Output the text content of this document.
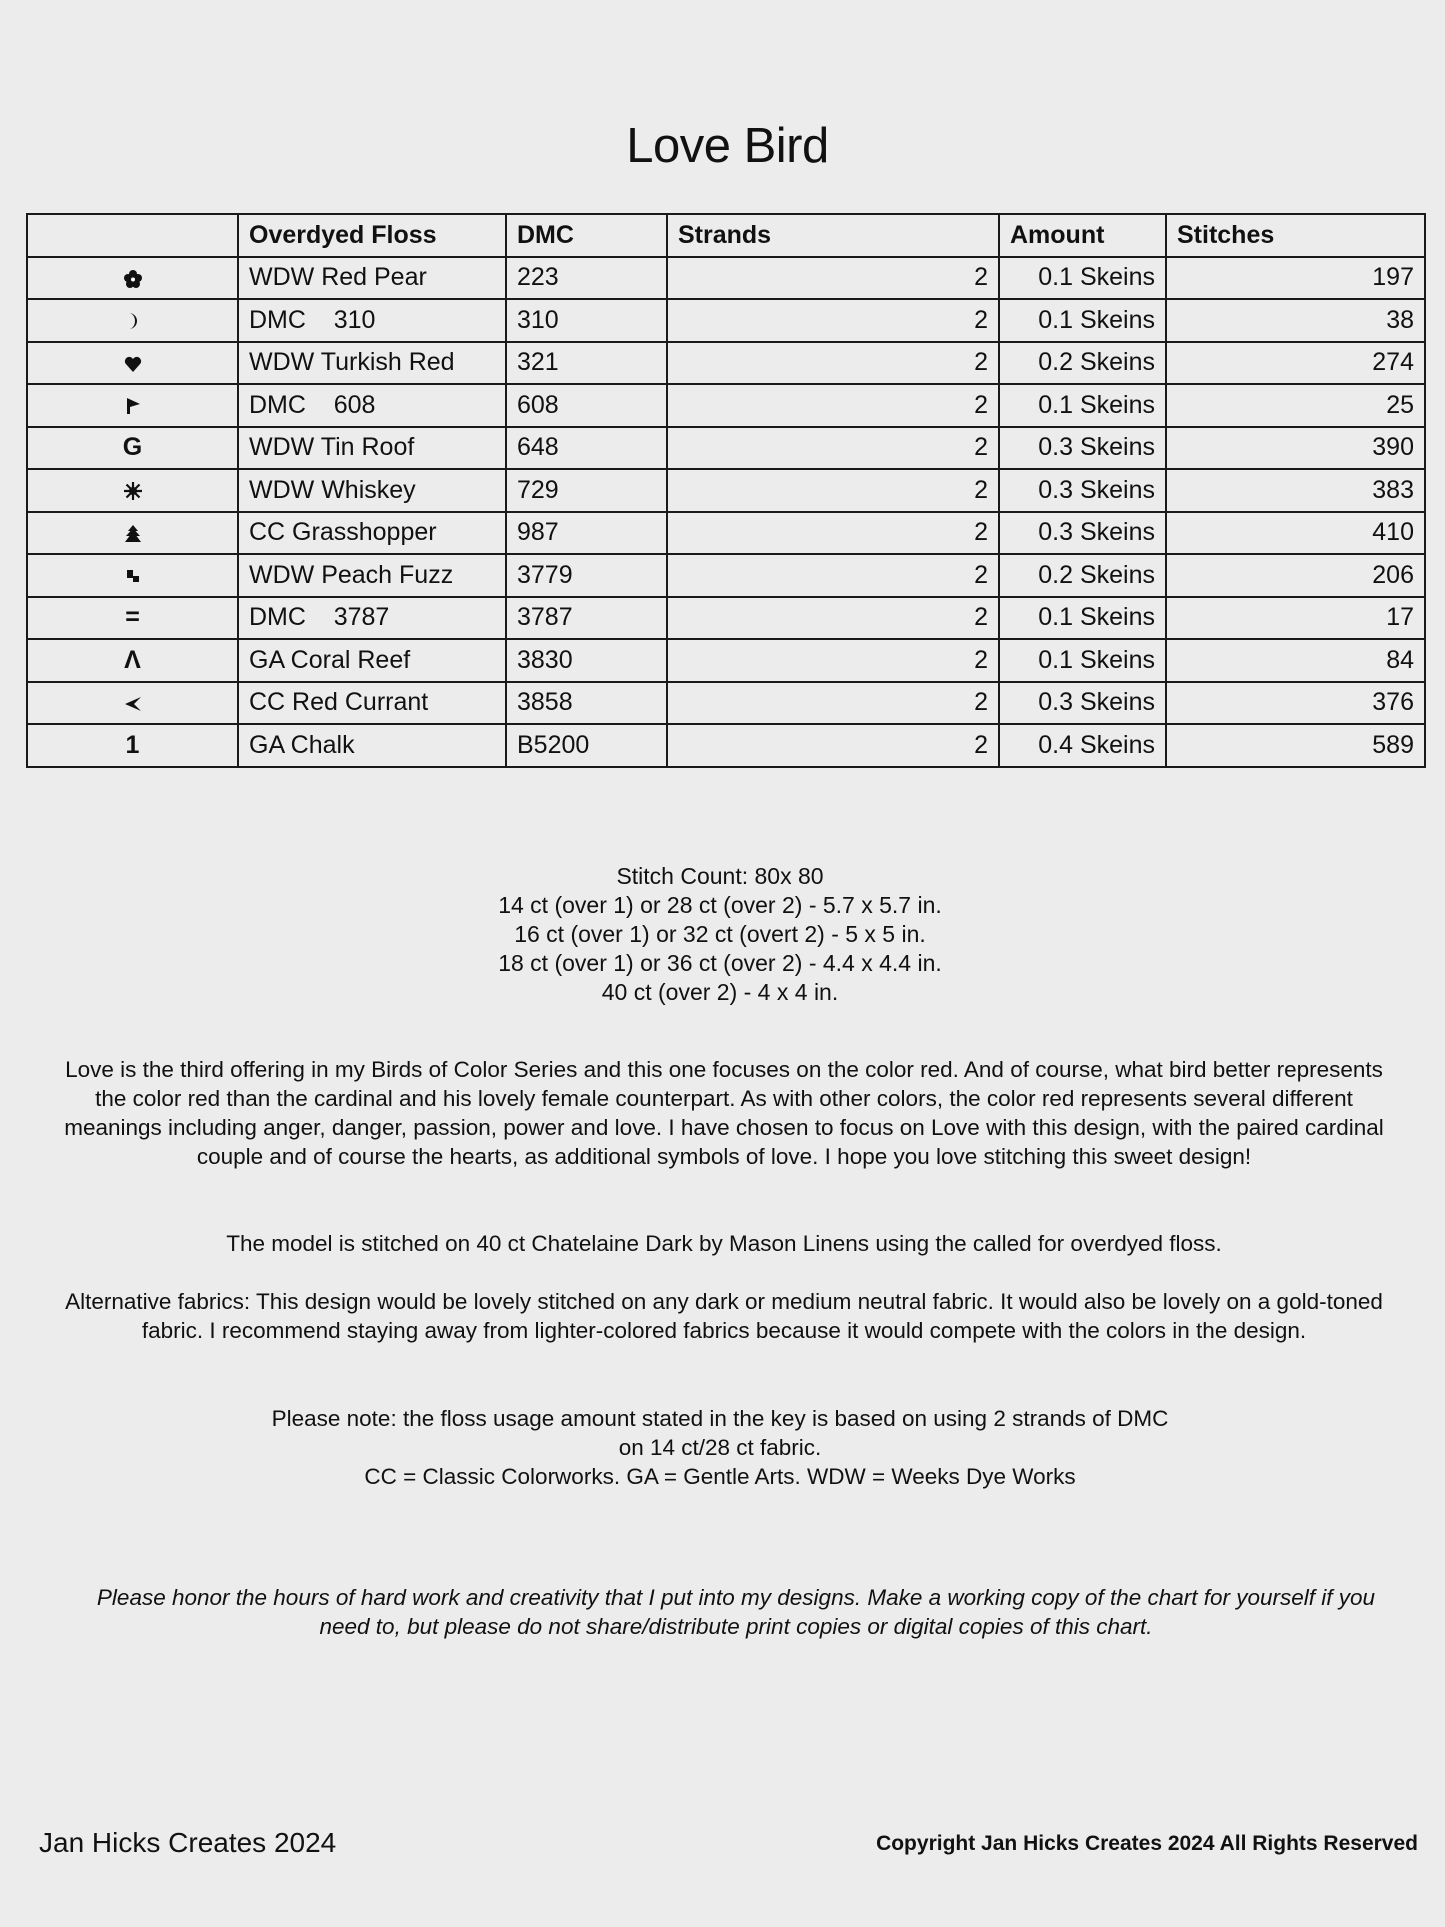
Love Bird
	Overdyed Floss	DMC	Strands	Amount	Stitches
	WDW Red Pear	223	2	0.1 Skeins	197
	DMC    310	310	2	0.1 Skeins	38
	WDW Turkish Red	321	2	0.2 Skeins	274
	DMC    608	608	2	0.1 Skeins	25
G	WDW Tin Roof	648	2	0.3 Skeins	390
	WDW Whiskey	729	2	0.3 Skeins	383
	CC Grasshopper	987	2	0.3 Skeins	410
	WDW Peach Fuzz	3779	2	0.2 Skeins	206
=	DMC    3787	3787	2	0.1 Skeins	17
Λ	GA Coral Reef	3830	2	0.1 Skeins	84
	CC Red Currant	3858	2	0.3 Skeins	376
1	GA Chalk	B5200	2	0.4 Skeins	589
Stitch Count: 80x 80
14 ct (over 1) or 28 ct (over 2) - 5.7 x 5.7 in.
16 ct (over 1) or 32 ct (overt 2) - 5 x 5 in.
18 ct (over 1) or 36 ct (over 2) - 4.4 x 4.4 in.
40 ct (over 2) - 4 x 4 in.

Love is the third offering in my Birds of Color Series and this one focuses on the color red. And of course, what bird better represents the color red than the cardinal and his lovely female counterpart. As with other colors, the color red represents several different meanings including anger, danger, passion, power and love. I have chosen to focus on Love with this design, with the paired cardinal couple and of course the hearts, as additional symbols of love. I hope you love stitching this sweet design!

The model is stitched on 40 ct Chatelaine Dark by Mason Linens using the called for overdyed floss.

Alternative fabrics: This design would be lovely stitched on any dark or medium neutral fabric. It would also be lovely on a gold-toned fabric. I recommend staying away from lighter-colored fabrics because it would compete with the colors in the design.

Please note: the floss usage amount stated in the key is based on using 2 strands of DMC
on 14 ct/28 ct fabric.
CC = Classic Colorworks. GA = Gentle Arts. WDW = Weeks Dye Works

Please honor the hours of hard work and creativity that I put into my designs. Make a working copy of the chart for yourself if you need to, but please do not share/distribute print copies or digital copies of this chart.

Jan Hicks Creates 2024	Copyright Jan Hicks Creates 2024 All Rights Reserved
